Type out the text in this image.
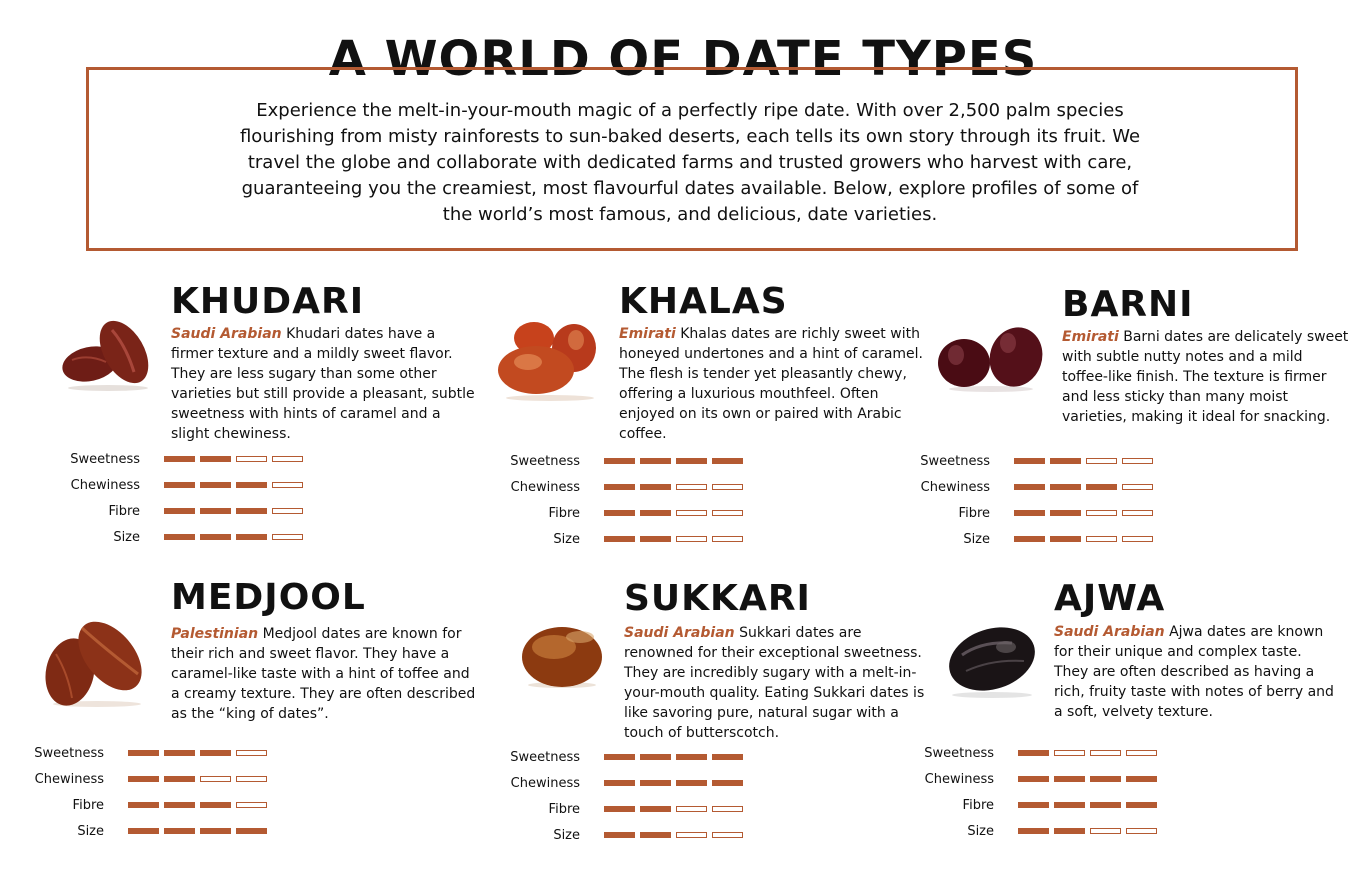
A WORLD OF DATE TYPES

Experience the melt-in-your-mouth magic of a perfectly ripe date. With over 2,500 palm species flourishing from misty rainforests to sun-baked deserts, each tells its own story through its fruit. We travel the globe and collaborate with dedicated farms and trusted growers who harvest with care, guaranteeing you the creamiest, most flavourful dates available. Below, explore profiles of some of the world’s most famous, and delicious, date varieties.

KHUDARI

Saudi Arabian Khudari dates have a firmer texture and a mildly sweet flavor. They are less sugary than some other varieties but still provide a pleasant, subtle sweetness with hints of caramel and a slight chewiness.

Sweetness
Chewiness
Fibre
Size
KHALAS

Emirati Khalas dates are richly sweet with honeyed undertones and a hint of caramel. The flesh is tender yet pleasantly chewy, offering a luxurious mouthfeel. Often enjoyed on its own or paired with Arabic coffee.

Sweetness
Chewiness
Fibre
Size
BARNI

Emirati Barni dates are delicately sweet with subtle nutty notes and a mild toffee-like finish. The texture is firmer and less sticky than many moist varieties, making it ideal for snacking.

Sweetness
Chewiness
Fibre
Size
MEDJOOL

Palestinian Medjool dates are known for their rich and sweet flavor. They have a caramel-like taste with a hint of toffee and a creamy texture. They are often described as the “king of dates”.

Sweetness
Chewiness
Fibre
Size
SUKKARI

Saudi Arabian Sukkari dates are renowned for their exceptional sweetness. They are incredibly sugary with a melt-in-your-mouth quality. Eating Sukkari dates is like savoring pure, natural sugar with a touch of butterscotch.

Sweetness
Chewiness
Fibre
Size
AJWA

Saudi Arabian Ajwa dates are known for their unique and complex taste. They are often described as having a rich, fruity taste with notes of berry and a soft, velvety texture.

Sweetness
Chewiness
Fibre
Size
